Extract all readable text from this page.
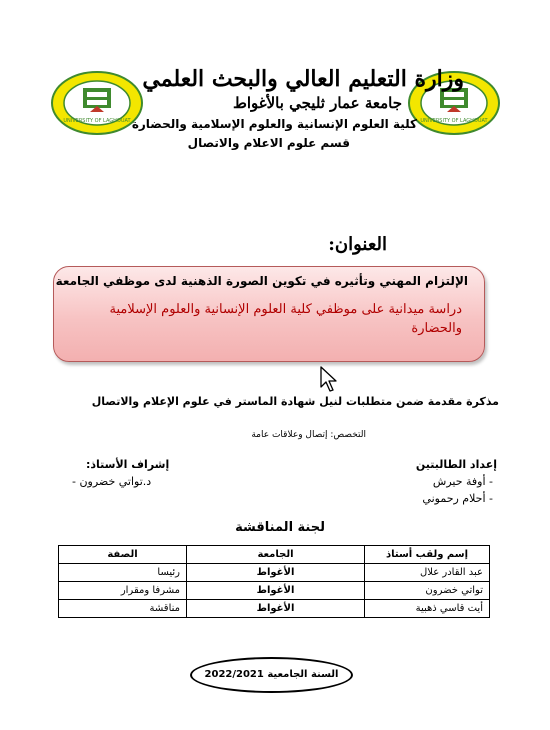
UNIVERSITY OF LAGHOUAT	UNIVERSITY OF LAGHOUAT
وزارة التعليم العالي والبحث العلمي
جامعة عمار ثليجي بالأغواط
كلية العلوم الإنسانية والعلوم الإسلامية والحضارة
قسم علوم الاعلام والاتصال
العنوان:
الإلتزام المهني وتأثيره في تكوين الصورة الذهنية لدى موظفي الجامعة
دراسة ميدانية على موظفي كلية العلوم الإنسانية والعلوم الإسلامية والحضارة
مذكرة مقدمة ضمن متطلبات لنيل شهادة الماستر في علوم الإعلام والاتصال
التخصص: إتصال وعلاقات عامة
إعداد الطالبتين
- أوفة حيرش
- أحلام رحموني
:إشراف الأستاذ
- د.تواتي خضرون
لجنة المناقشة
إسم ولقب أستاذ	الجامعة	الصفة
عبد القادر علال	الأغواط	رئيسا
تواتي خضرون	الأغواط	مشرفا ومقرار
أيت قاسي ذهبية	الأغواط	مناقشة
السنة الجامعية 2022/2021
